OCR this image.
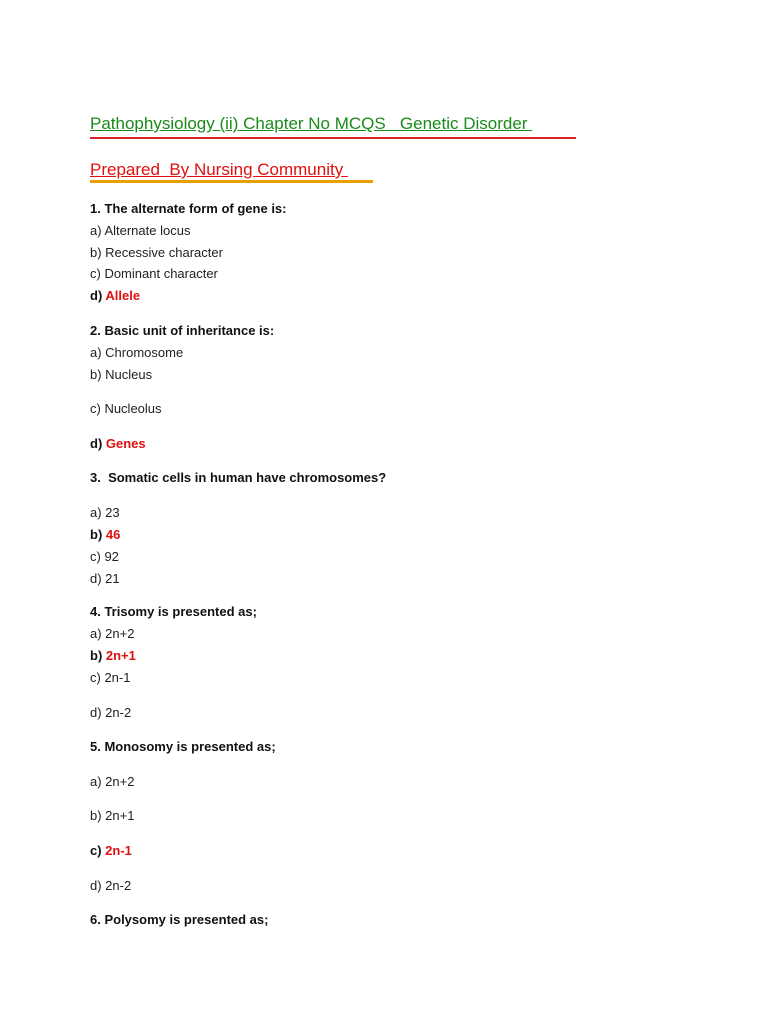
Pathophysiology (ii) Chapter No MCQS   Genetic Disorder
Prepared  By Nursing Community

1. The alternate form of gene is:

a) Alternate locus

b) Recessive character

c) Dominant character

d) Allele

2. Basic unit of inheritance is:

a) Chromosome

b) Nucleus

c) Nucleolus

d) Genes

3.  Somatic cells in human have chromosomes?

a) 23

b) 46

c) 92

d) 21

4. Trisomy is presented as;

a) 2n+2

b) 2n+1

c) 2n-1

d) 2n-2

5. Monosomy is presented as;

a) 2n+2

b) 2n+1

c) 2n-1

d) 2n-2

6. Polysomy is presented as;
